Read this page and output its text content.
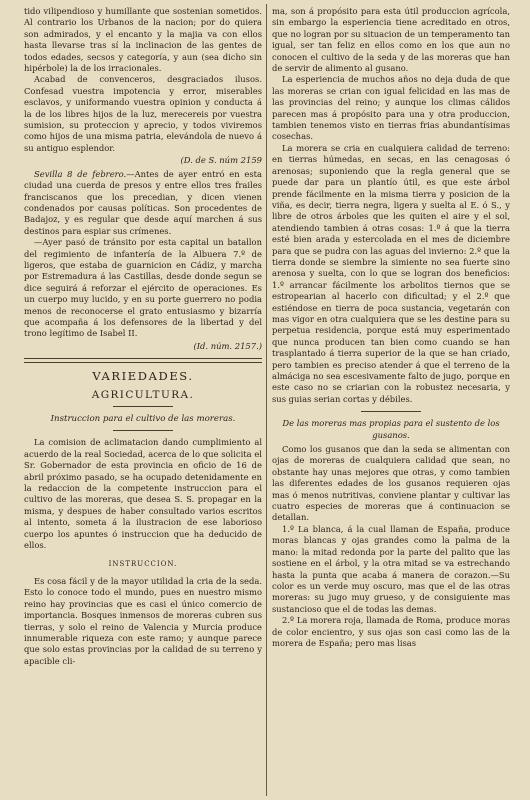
tido vilipendioso y humillante que sostenian sometidos. Al contrario los Urbanos de la nacion; por do quiera son admirados, y el encanto y la majia va con ellos hasta llevarse tras sí la inclinacion de las gentes de todos edades, secsos y categoría, y aun (sea dicho sin hipérbole) la de los irracionales.

Acabad de convenceros, desgraciados ilusos. Confesad vuestra impotencia y error, miserables esclavos, y uniformando vuestra opinion y conducta á la de los libres hijos de la luz, merecereis por vuestra sumision, su proteccion y aprecio, y todos viviremos como hijos de una misma patria, elevándola de nuevo á su antiguo esplendor.

(D. de S. núm 2159

Sevilla 8 de febrero.—Antes de ayer entró en esta ciudad una cuerda de presos y entre ellos tres frailes franciscanos que los precedian, y dicen vienen condenados por causas políticas. Son procedentes de Badajoz, y es regular que desde aquí marchen á sus destinos para espiar sus crímenes.

—Ayer pasó de tránsito por esta capital un batallon del regimiento de infantería de la Albuera 7.º de ligeros, que estaba de guarnicion en Cádiz, y marcha por Estremadura á las Castillas, desde donde segun se dice seguirá á reforzar el ejército de operaciones. Es un cuerpo muy lucido, y en su porte guerrero no podia menos de reconocerse el grato entusiasmo y bizarría que acompaña á los defensores de la libertad y del trono legítimo de Isabel II.

(Id. núm. 2157.)

VARIEDADES.
AGRICULTURA.
Instruccion para el cultivo de las moreras.

La comision de aclimatacion dando cumplimiento al acuerdo de la real Sociedad, acerca de lo que solicita el Sr. Gobernador de esta provincia en oficio de 16 de abril próximo pasado, se ha ocupado detenidamente en la redaccion de la competente instruccion para el cultivo de las moreras, que desea S. S. propagar en la misma, y despues de haber consultado varios escritos al intento, someta á la ilustracion de ese laborioso cuerpo los apuntes ó instruccion que ha deducido de ellos.

INSTRUCCION.

Es cosa fácil y de la mayor utilidad la cria de la seda. Esto lo conoce todo el mundo, pues en nuestro mismo reino hay provincias que es casi el único comercio de importancia. Bosques inmensos de moreras cubren sus tierras, y solo el reino de Valencia y Murcia produce innumerable riqueza con este ramo; y aunque parece que solo estas provincias por la calidad de su terreno y apacible cli-

ma, son á propósito para esta útil produccion agrícola, sin embargo la esperiencia tiene acreditado en otros, que no logran por su situacion de un temperamento tan igual, ser tan feliz en ellos como en los que aun no conocen el cultivo de la seda y de las moreras que han de servir de alimento al gusano.

La esperiencia de muchos años no deja duda de que las moreras se crian con igual felicidad en las mas de las provincias del reino; y aunque los climas cálidos parecen mas á propósito para una y otra produccion, tambien tenemos visto en tierras frias abundantísimas cosechas.

La morera se cria en cualquiera calidad de terreno: en tierras húmedas, en secas, en las cenagosas ó arenosas; suponiendo que la regla general que se puede dar para un plantío útil, es que este árbol prende fácilmente en la misma tierra y posicion de la viña, es decir, tierra negra, ligera y suelta al E. ó S., y libre de otros árboles que les quiten el aire y el sol, atendiendo tambien á otras cosas: 1.º á que la tierra esté bien arada y estercolada en el mes de diciembre para que se pudra con las aguas del invierno: 2.º que la tierra donde se siembre la simiente no sea fuerte sino arenosa y suelta, con lo que se logran dos beneficios: 1.º arrancar fácilmente los arbolitos tiernos que se estropearian al hacerlo con dificultad; y el 2.º que estiéndose en tierra de poca sustancia, vegetarán con mas vigor en otra cualquiera que se les destine para su perpetua residencia, porque está muy esperimentado que nunca producen tan bien como cuando se han trasplantado á tierra superior de la que se han criado, pero tambien es preciso atender á que el terreno de la almáciga no sea escesivamente falto de jugo, porque en este caso no se criarian con la robustez necesaria, y sus guias serian cortas y débiles.

De las moreras mas propias para el sustento de los gusanos.

Como los gusanos que dan la seda se alimentan con ojas de moreras de cualquiera calidad que sean, no obstante hay unas mejores que otras, y como tambien las diferentes edades de los gusanos requieren ojas mas ó menos nutritivas, conviene plantar y cultivar las cuatro especies de moreras que á continuacion se detallan.

1.º La blanca, á la cual llaman de España, produce moras blancas y ojas grandes como la palma de la mano: la mitad redonda por la parte del palito que las sostiene en el árbol, y la otra mitad se va estrechando hasta la punta que acaba á manera de corazon.—Su color es un verde muy oscuro, mas que el de las otras moreras: su jugo muy grueso, y de consiguiente mas sustancioso que el de todas las demas.

2.º La morera roja, llamada de Roma, produce moras de color encientro, y sus ojas son casi como las de la morera de España; pero mas lisas
